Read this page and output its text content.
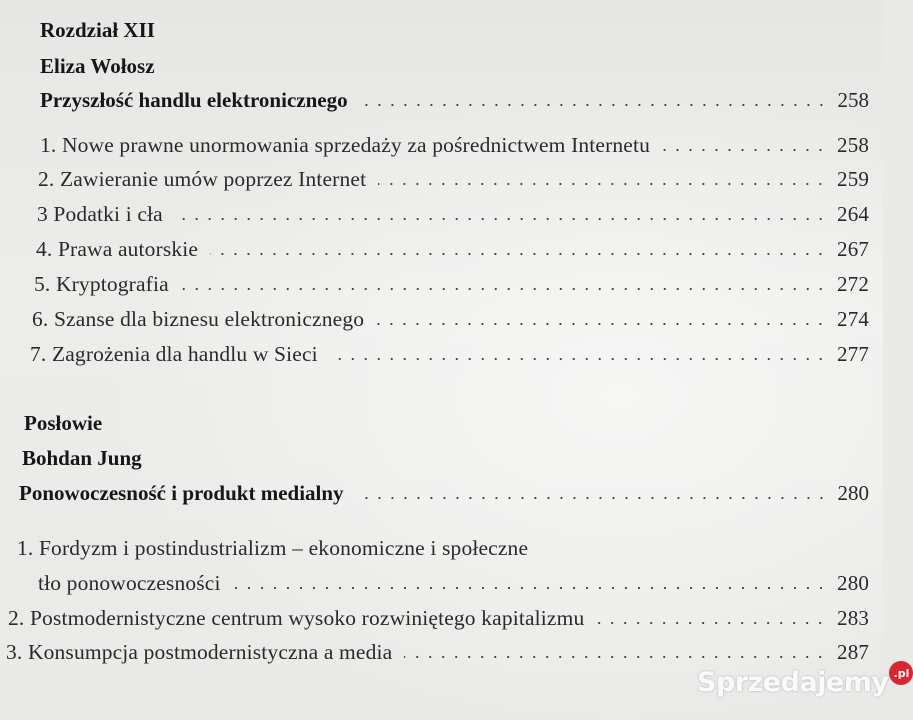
Rozdział XII
Eliza Wołosz
Przyszłość handlu elektronicznego	258
1. Nowe prawne unormowania sprzedaży za pośrednictwem Internetu	258
2. Zawieranie umów poprzez Internet	259
3 Podatki i cła	264
4. Prawa autorskie	267
5. Kryptografia	272
6. Szanse dla biznesu elektronicznego	274
7. Zagrożenia dla handlu w Sieci	277
Posłowie
Bohdan Jung
Ponowoczesność i produkt medialny	280
1. Fordyzm i postindustrializm – ekonomiczne i społeczne
tło ponowoczesności	280
2. Postmodernistyczne centrum wysoko rozwiniętego kapitalizmu	283
3. Konsumpcja postmodernistyczna a media	287
Sprzedajemy .pl
